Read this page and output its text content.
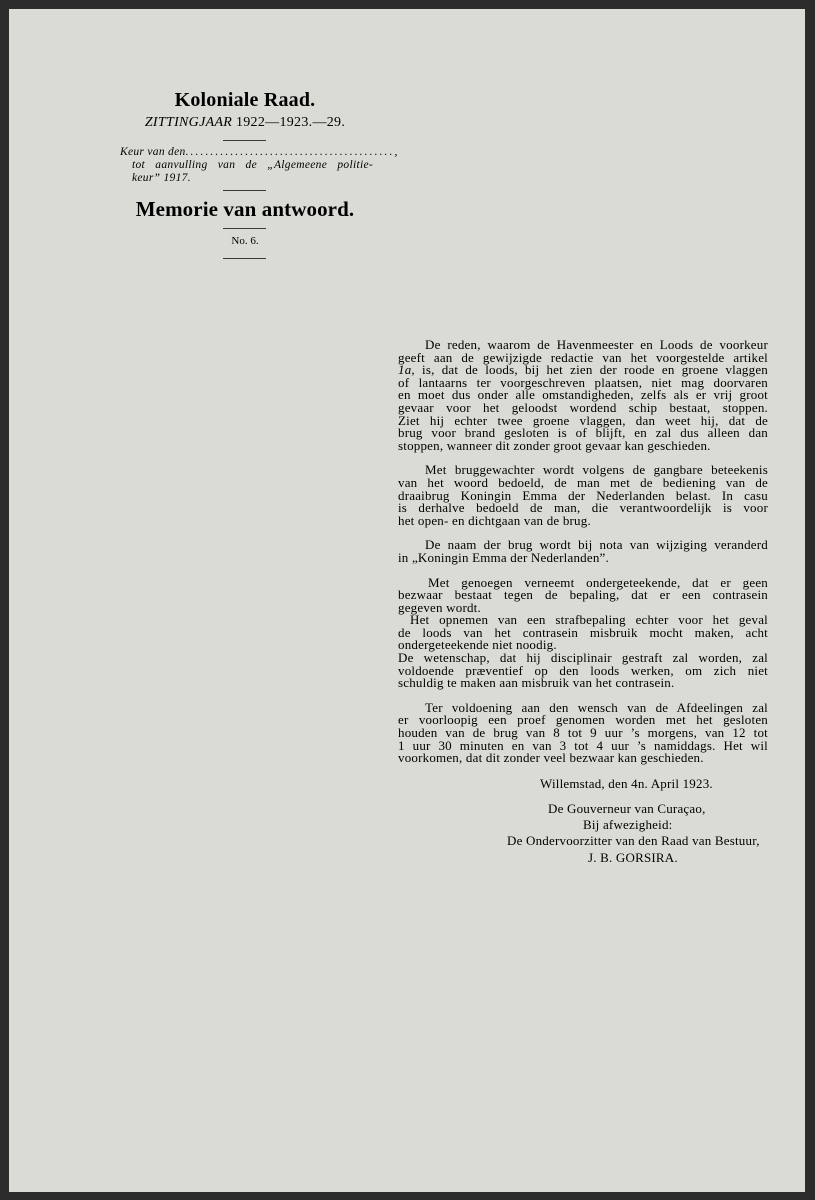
Koloniale Raad.
ZITTINGJAAR 1922—1923.—29.
Keur van den..........................................,
tot aanvulling van de „Algemeene politie-
keur” 1917.
Memorie van antwoord.
No. 6.
De reden, waarom de Havenmeester en Loods de voorkeur
geeft aan de gewijzigde redactie van het voorgestelde artikel
1a, is, dat de loods, bij het zien der roode en groene vlaggen
of lantaarns ter voorgeschreven plaatsen, niet mag doorvaren
en moet dus onder alle omstandigheden, zelfs als er vrij groot
gevaar voor het geloodst wordend schip bestaat, stoppen.
Ziet hij echter twee groene vlaggen, dan weet hij, dat de
brug voor brand gesloten is of blijft, en zal dus alleen dan
stoppen, wanneer dit zonder groot gevaar kan geschieden.
Met bruggewachter wordt volgens de gangbare beteekenis
van het woord bedoeld, de man met de bediening van de
draaibrug Koningin Emma der Nederlanden belast. In casu
is derhalve bedoeld de man, die verantwoordelijk is voor
het open- en dichtgaan van de brug.
De naam der brug wordt bij nota van wijziging veranderd
in „Koningin Emma der Nederlanden”.
Met genoegen verneemt ondergeteekende, dat er geen
bezwaar bestaat tegen de bepaling, dat er een contrasein
gegeven wordt.
Het opnemen van een strafbepaling echter voor het geval
de loods van het contrasein misbruik mocht maken, acht
ondergeteekende niet noodig.
De wetenschap, dat hij disciplinair gestraft zal worden, zal
voldoende præventief op den loods werken, om zich niet
schuldig te maken aan misbruik van het contrasein.
Ter voldoening aan den wensch van de Afdeelingen zal
er voorloopig een proef genomen worden met het gesloten
houden van de brug van 8 tot 9 uur ’s morgens, van 12 tot
1 uur 30 minuten en van 3 tot 4 uur ’s namiddags. Het wil
voorkomen, dat dit zonder veel bezwaar kan geschieden.
Willemstad, den 4n. April 1923.
De Gouverneur van Curaçao,
Bij afwezigheid:
De Ondervoorzitter van den Raad van Bestuur,
J. B. GORSIRA.
